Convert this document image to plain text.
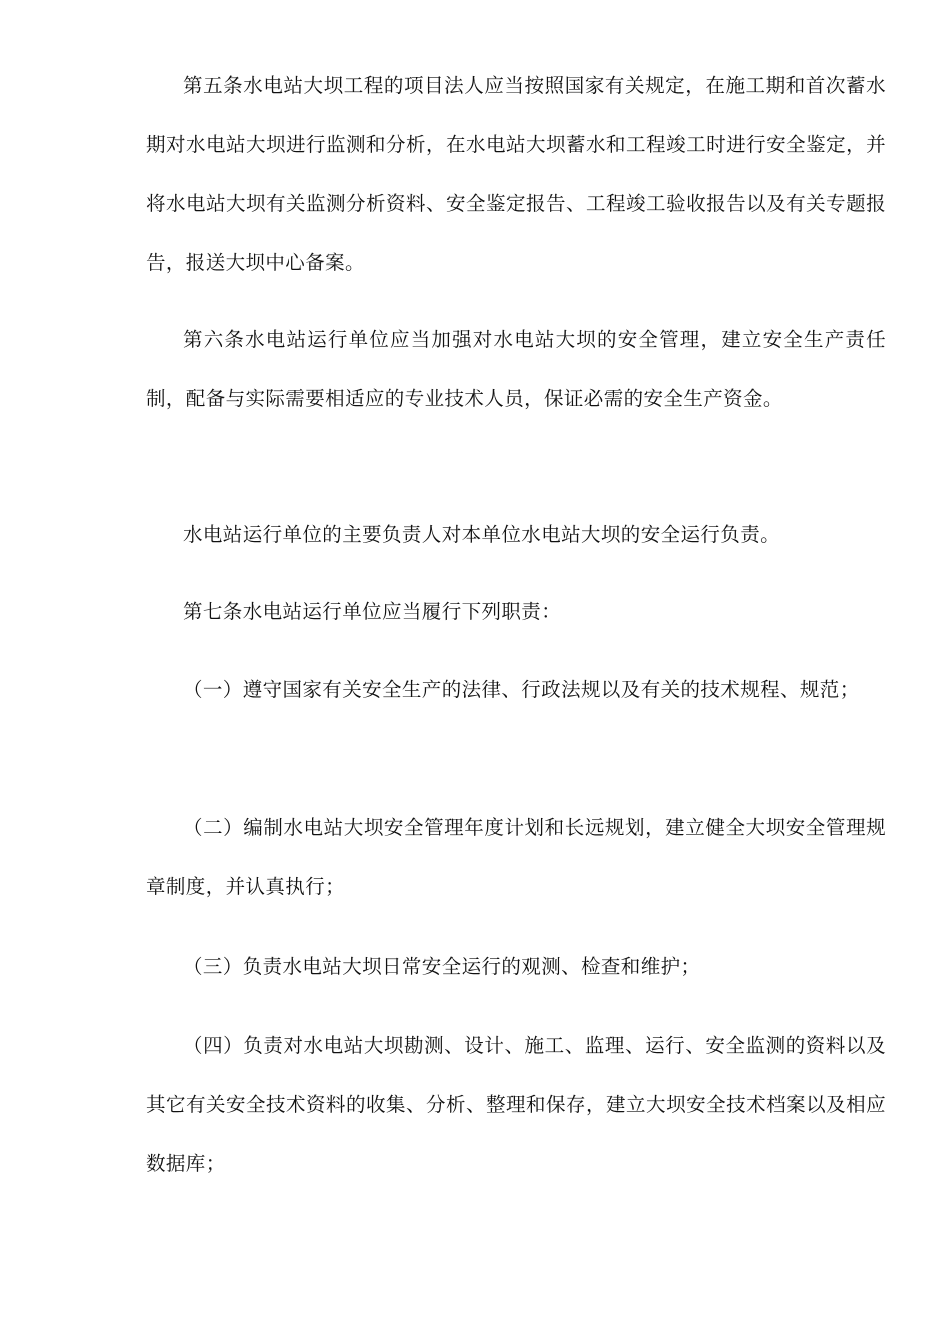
第五条水电站大坝工程的项目法人应当按照国家有关规定，在施工期和首次蓄水期对水电站大坝进行监测和分析，在水电站大坝蓄水和工程竣工时进行安全鉴定，并将水电站大坝有关监测分析资料、安全鉴定报告、工程竣工验收报告以及有关专题报告，报送大坝中心备案。

第六条水电站运行单位应当加强对水电站大坝的安全管理，建立安全生产责任制，配备与实际需要相适应的专业技术人员，保证必需的安全生产资金。

水电站运行单位的主要负责人对本单位水电站大坝的安全运行负责。

第七条水电站运行单位应当履行下列职责：

（一）遵守国家有关安全生产的法律、行政法规以及有关的技术规程、规范；

（二）编制水电站大坝安全管理年度计划和长远规划，建立健全大坝安全管理规章制度，并认真执行；

（三）负责水电站大坝日常安全运行的观测、检查和维护；

（四）负责对水电站大坝勘测、设计、施工、监理、运行、安全监测的资料以及其它有关安全技术资料的收集、分析、整理和保存，建立大坝安全技术档案以及相应数据库；
